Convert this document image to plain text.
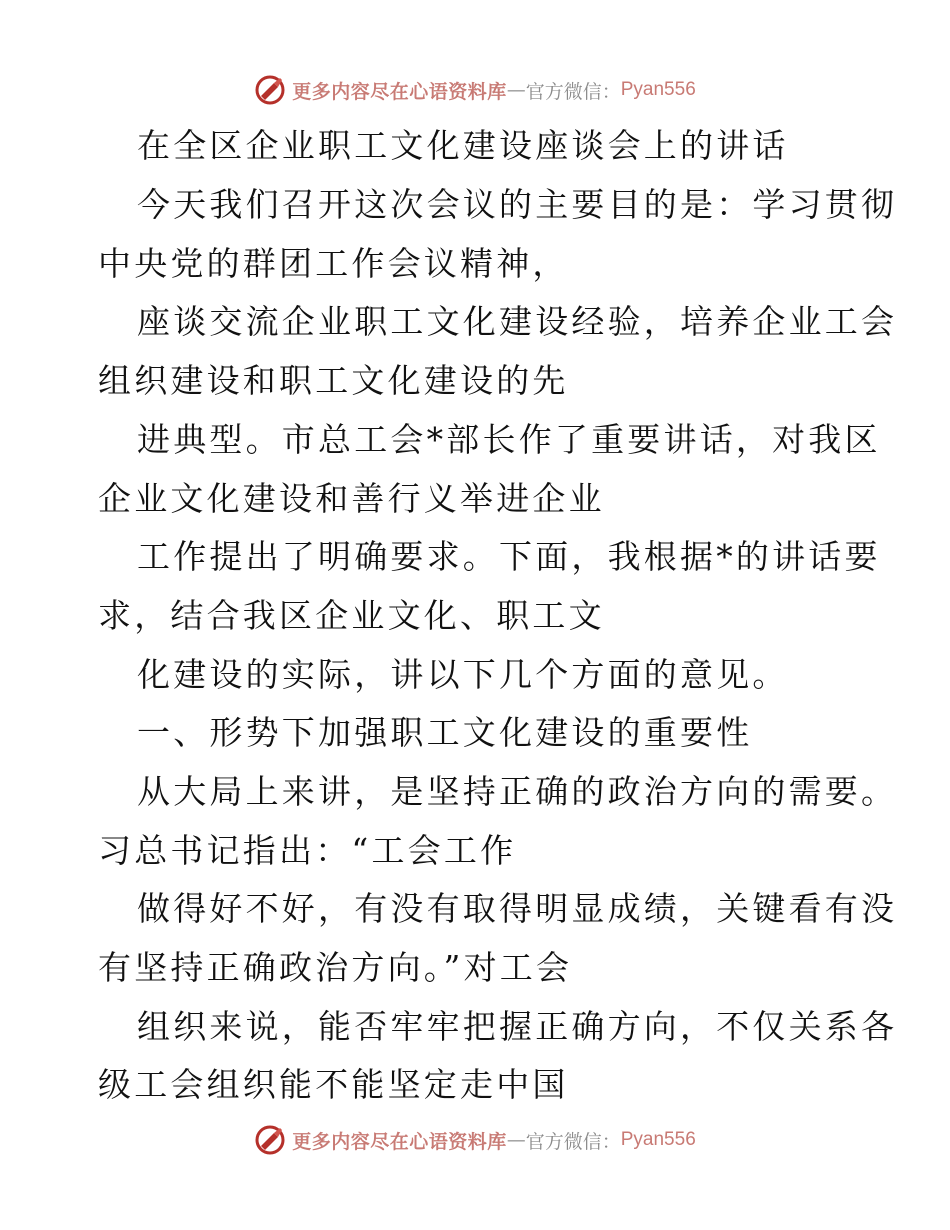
更多内容尽在心语资料库 — 官方微信： Pyan556
在全区企业职工文化建设座谈会上的讲话
今天我们召开这次会议的主要目的是：学习贯彻
中央党的群团工作会议精神，
座谈交流企业职工文化建设经验，培养企业工会
组织建设和职工文化建设的先
进典型。市总工会*部长作了重要讲话，对我区
企业文化建设和善行义举进企业
工作提出了明确要求。下面，我根据*的讲话要
求，结合我区企业文化、职工文
化建设的实际，讲以下几个方面的意见。
一、形势下加强职工文化建设的重要性
从大局上来讲，是坚持正确的政治方向的需要。
习总书记指出：“工会工作
做得好不好，有没有取得明显成绩，关键看有没
有坚持正确政治方向。”对工会
组织来说，能否牢牢把握正确方向，不仅关系各
级工会组织能不能坚定走中国
更多内容尽在心语资料库 — 官方微信： Pyan556
